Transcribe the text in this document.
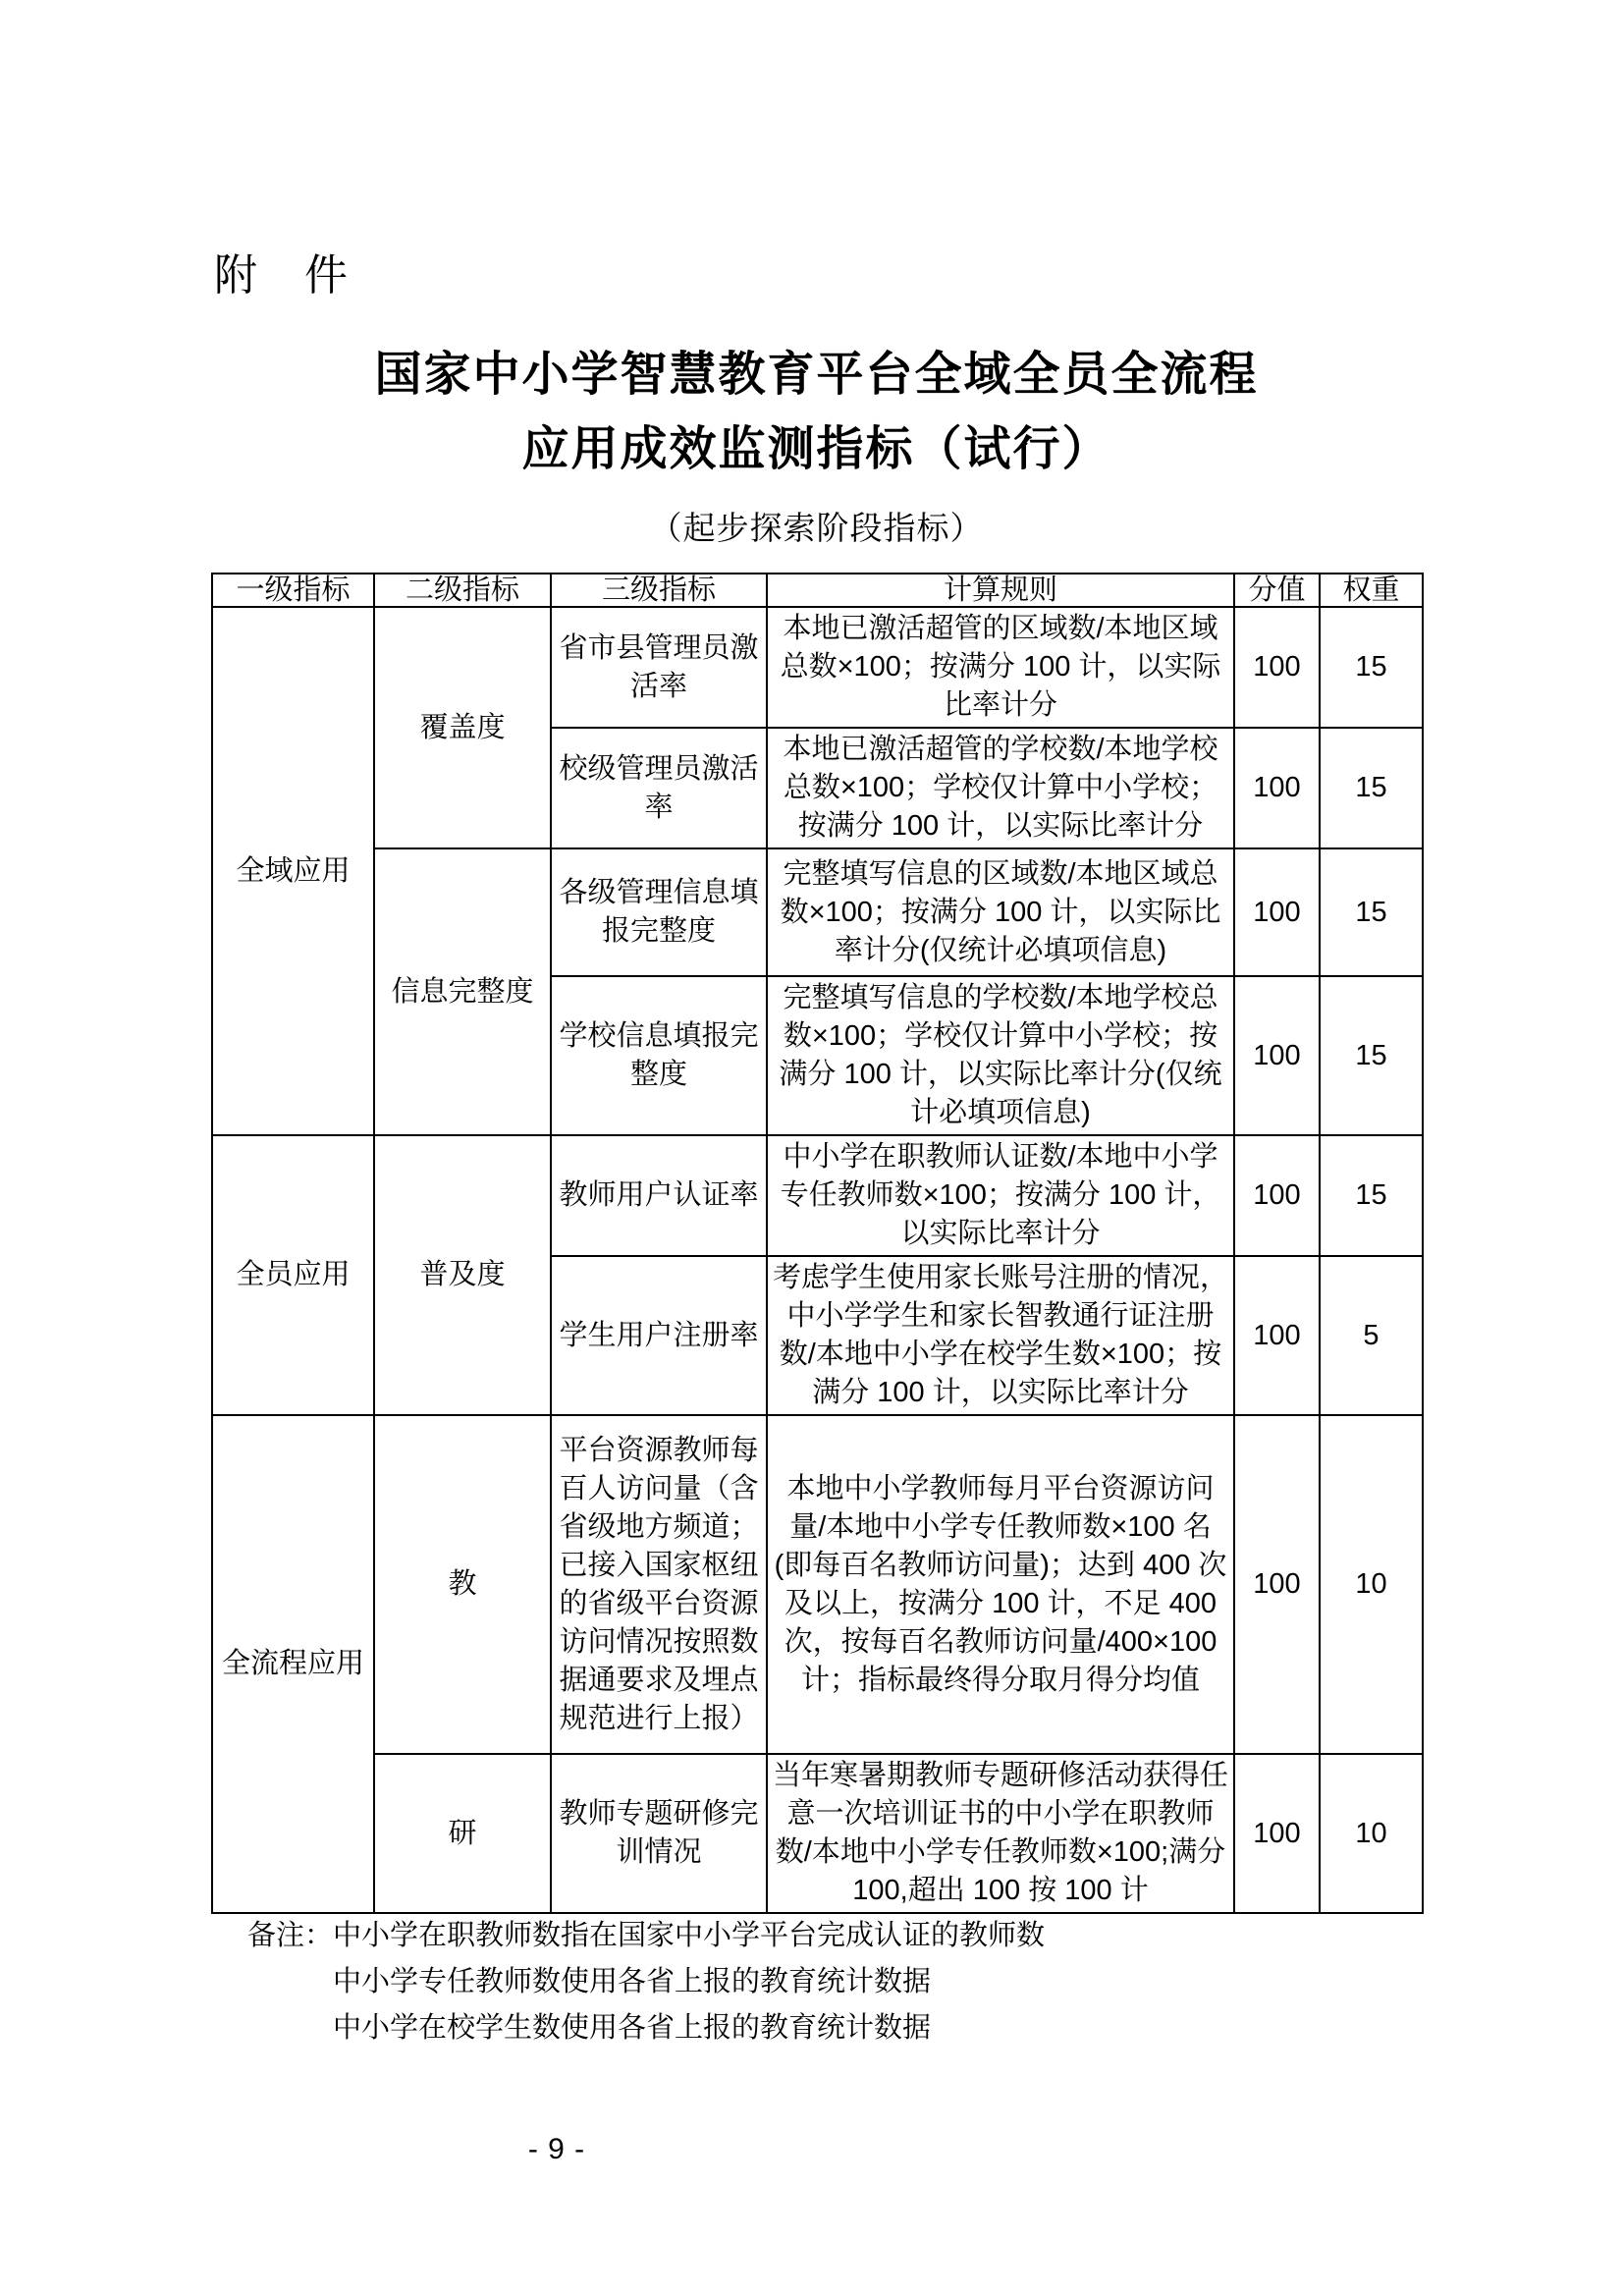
附　件
国家中小学智慧教育平台全域全员全流程
应用成效监测指标（试行）
（起步探索阶段指标）
一级指标	二级指标	三级指标	计算规则	分值	权重
全域应用	覆盖度	省市县管理员激活率	本地已激活超管的区域数/本地区域总数×100；按满分 100 计，以实际比率计分	100	15
		校级管理员激活率	本地已激活超管的学校数/本地学校总数×100；学校仅计算中小学校；按满分 100 计，以实际比率计分	100	15
	信息完整度	各级管理信息填报完整度	完整填写信息的区域数/本地区域总数×100；按满分 100 计，以实际比率计分(仅统计必填项信息)	100	15
		学校信息填报完整度	完整填写信息的学校数/本地学校总数×100；学校仅计算中小学校；按满分 100 计，以实际比率计分(仅统计必填项信息)	100	15
全员应用	普及度	教师用户认证率	中小学在职教师认证数/本地中小学专任教师数×100；按满分 100 计，以实际比率计分	100	15
		学生用户注册率	考虑学生使用家长账号注册的情况，中小学学生和家长智教通行证注册数/本地中小学在校学生数×100；按满分 100 计，以实际比率计分	100	5
全流程应用	教	平台资源教师每百人访问量（含省级地方频道；已接入国家枢纽的省级平台资源访问情况按照数据通要求及埋点规范进行上报）	本地中小学教师每月平台资源访问量/本地中小学专任教师数×100 名(即每百名教师访问量)；达到 400 次及以上，按满分 100 计，不足 400 次，按每百名教师访问量/400×100 计；指标最终得分取月得分均值	100	10
	研	教师专题研修完训情况	当年寒暑期教师专题研修活动获得任意一次培训证书的中小学在职教师数/本地中小学专任教师数×100;满分 100,超出 100 按 100 计	100	10
备注： 中小学在职教师数指在国家中小学平台完成认证的教师数
中小学专任教师数使用各省上报的教育统计数据
中小学在校学生数使用各省上报的教育统计数据
- 9 -
